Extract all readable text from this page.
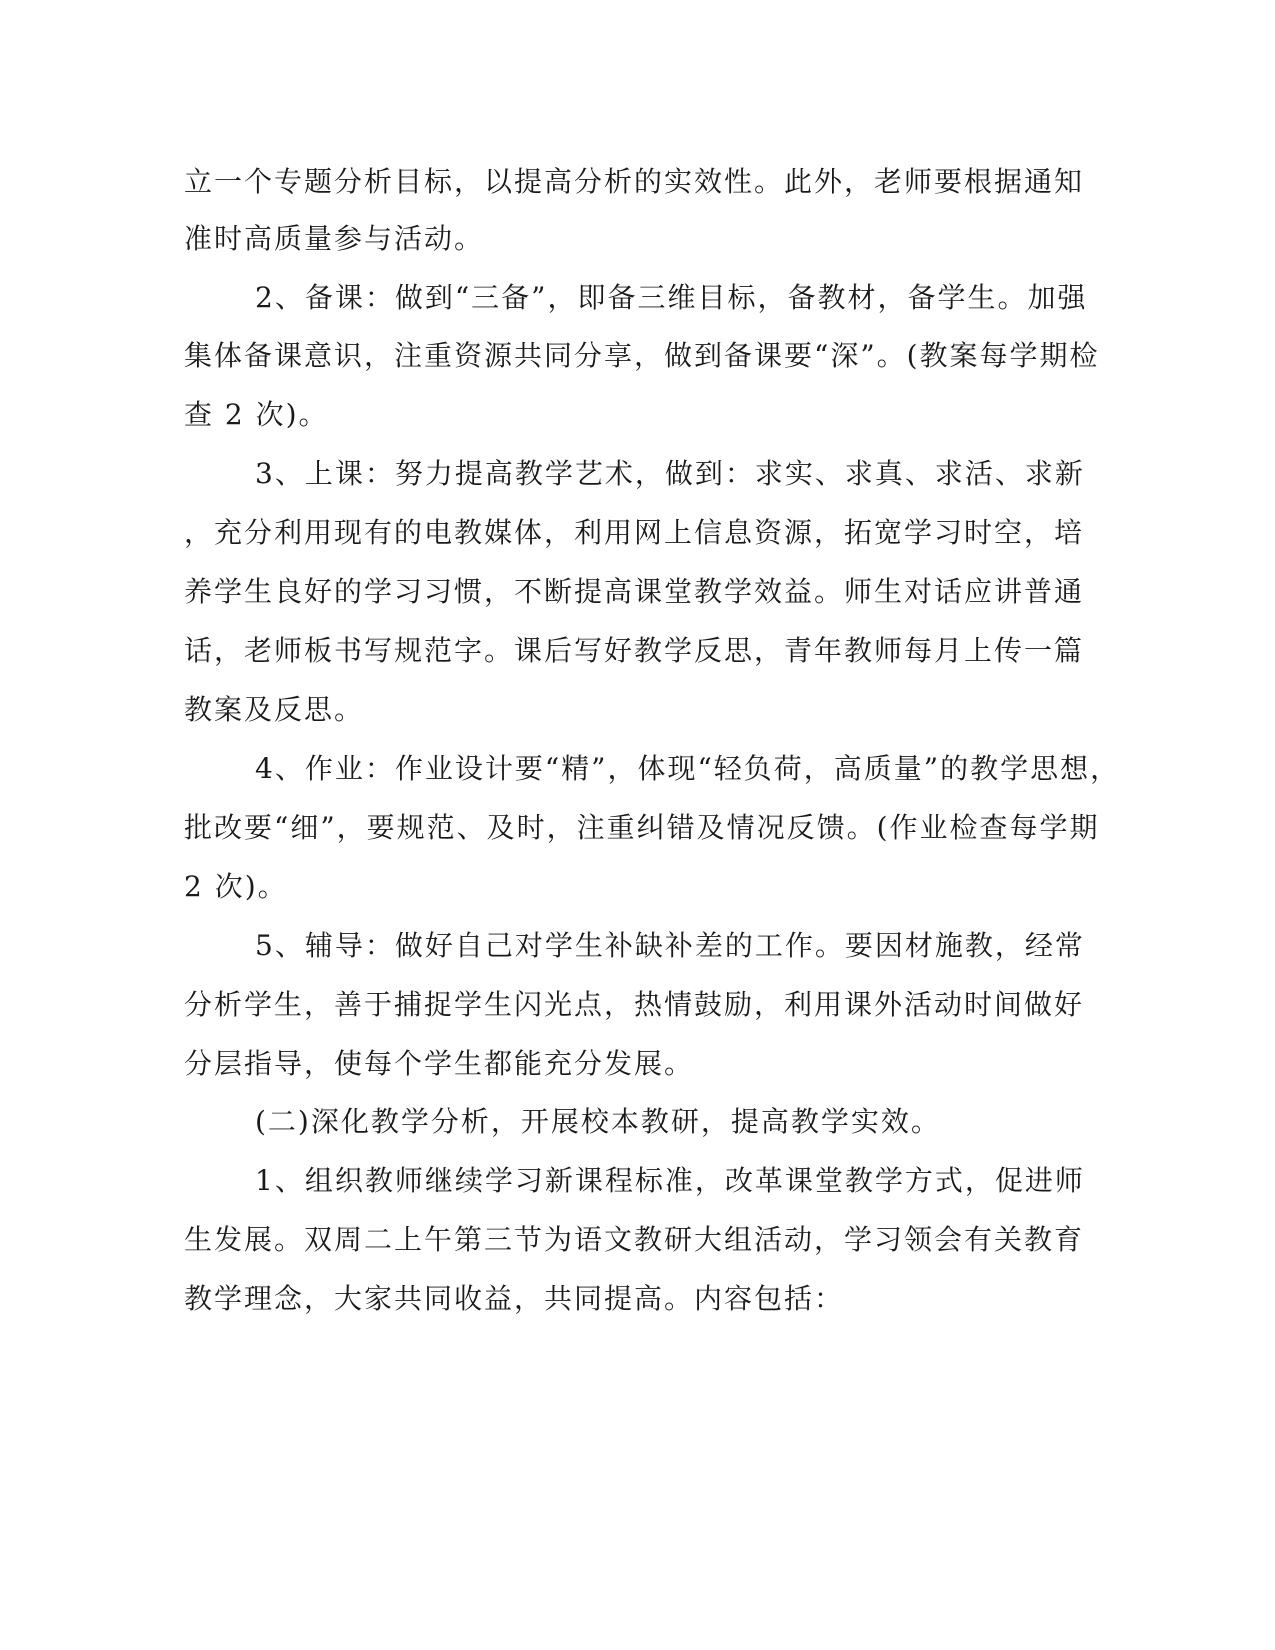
立一个专题分析目标，以提高分析的实效性。此外，老师要根据通知

准时高质量参与活动。

2、备课：做到“三备”，即备三维目标，备教材，备学生。加强

集体备课意识，注重资源共同分享，做到备课要“深”。(教案每学期检

查 2 次)。

3、上课：努力提高教学艺术，做到：求实、求真、求活、求新

，充分利用现有的电教媒体，利用网上信息资源，拓宽学习时空，培

养学生良好的学习习惯，不断提高课堂教学效益。师生对话应讲普通

话，老师板书写规范字。课后写好教学反思，青年教师每月上传一篇

教案及反思。

4、作业：作业设计要“精”，体现“轻负荷，高质量”的教学思想，

批改要“细”，要规范、及时，注重纠错及情况反馈。(作业检查每学期

2 次)。

5、辅导：做好自己对学生补缺补差的工作。要因材施教，经常

分析学生，善于捕捉学生闪光点，热情鼓励，利用课外活动时间做好

分层指导，使每个学生都能充分发展。

(二)深化教学分析，开展校本教研，提高教学实效。

1、组织教师继续学习新课程标准，改革课堂教学方式，促进师

生发展。双周二上午第三节为语文教研大组活动，学习领会有关教育

教学理念，大家共同收益，共同提高。内容包括：
